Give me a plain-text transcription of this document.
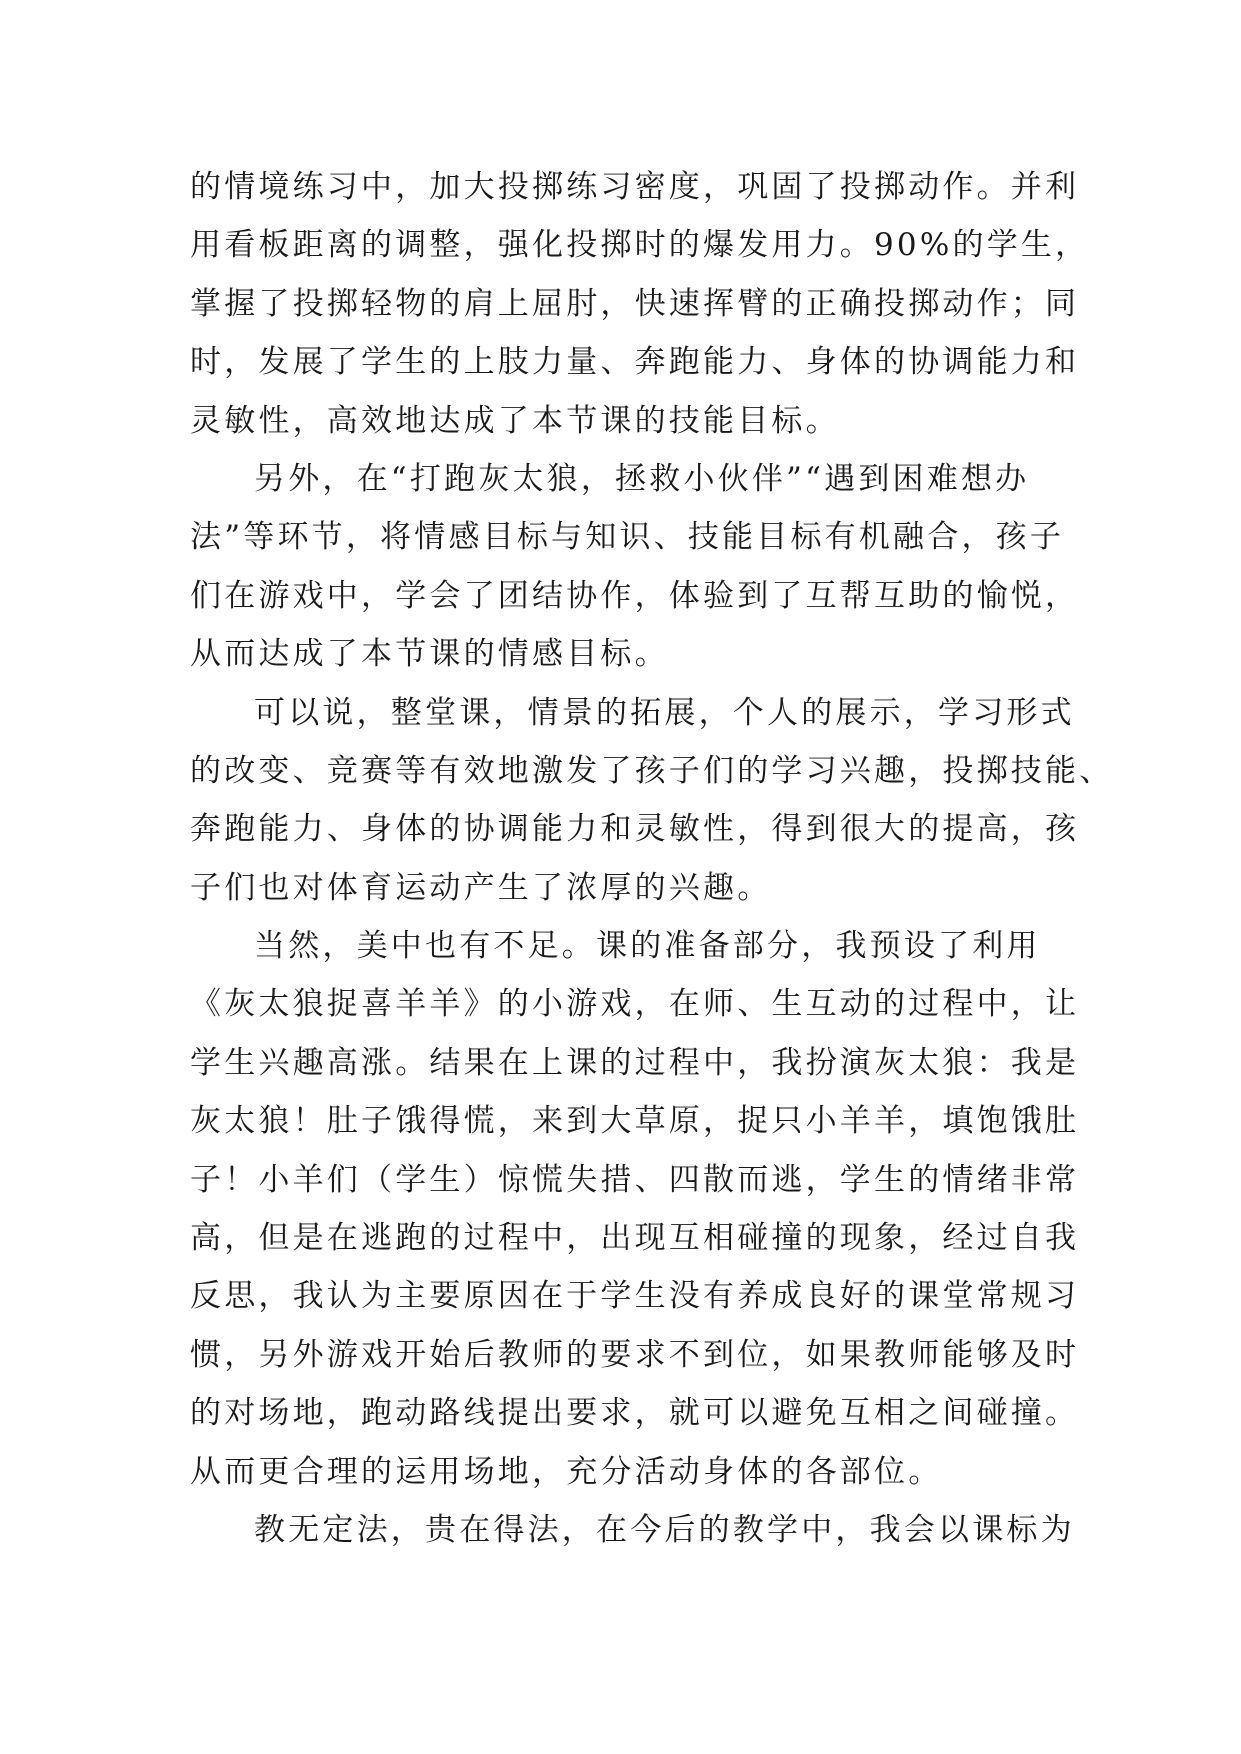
的情境练习中，加大投掷练习密度，巩固了投掷动作。并利
用看板距离的调整，强化投掷时的爆发用力。90%的学生，
掌握了投掷轻物的肩上屈肘，快速挥臂的正确投掷动作；同
时，发展了学生的上肢力量、奔跑能力、身体的协调能力和
灵敏性，高效地达成了本节课的技能目标。
另外，在“打跑灰太狼，拯救小伙伴”“遇到困难想办
法”等环节，将情感目标与知识、技能目标有机融合，孩子
们在游戏中，学会了团结协作，体验到了互帮互助的愉悦，
从而达成了本节课的情感目标。
可以说，整堂课，情景的拓展，个人的展示，学习形式
的改变、竞赛等有效地激发了孩子们的学习兴趣，投掷技能、
奔跑能力、身体的协调能力和灵敏性，得到很大的提高，孩
子们也对体育运动产生了浓厚的兴趣。
当然，美中也有不足。课的准备部分，我预设了利用
《灰太狼捉喜羊羊》的小游戏，在师、生互动的过程中，让
学生兴趣高涨。结果在上课的过程中，我扮演灰太狼：我是
灰太狼！肚子饿得慌，来到大草原，捉只小羊羊，填饱饿肚
子！小羊们（学生）惊慌失措、四散而逃，学生的情绪非常
高，但是在逃跑的过程中，出现互相碰撞的现象，经过自我
反思，我认为主要原因在于学生没有养成良好的课堂常规习
惯，另外游戏开始后教师的要求不到位，如果教师能够及时
的对场地，跑动路线提出要求，就可以避免互相之间碰撞。
从而更合理的运用场地，充分活动身体的各部位。
教无定法，贵在得法，在今后的教学中，我会以课标为
